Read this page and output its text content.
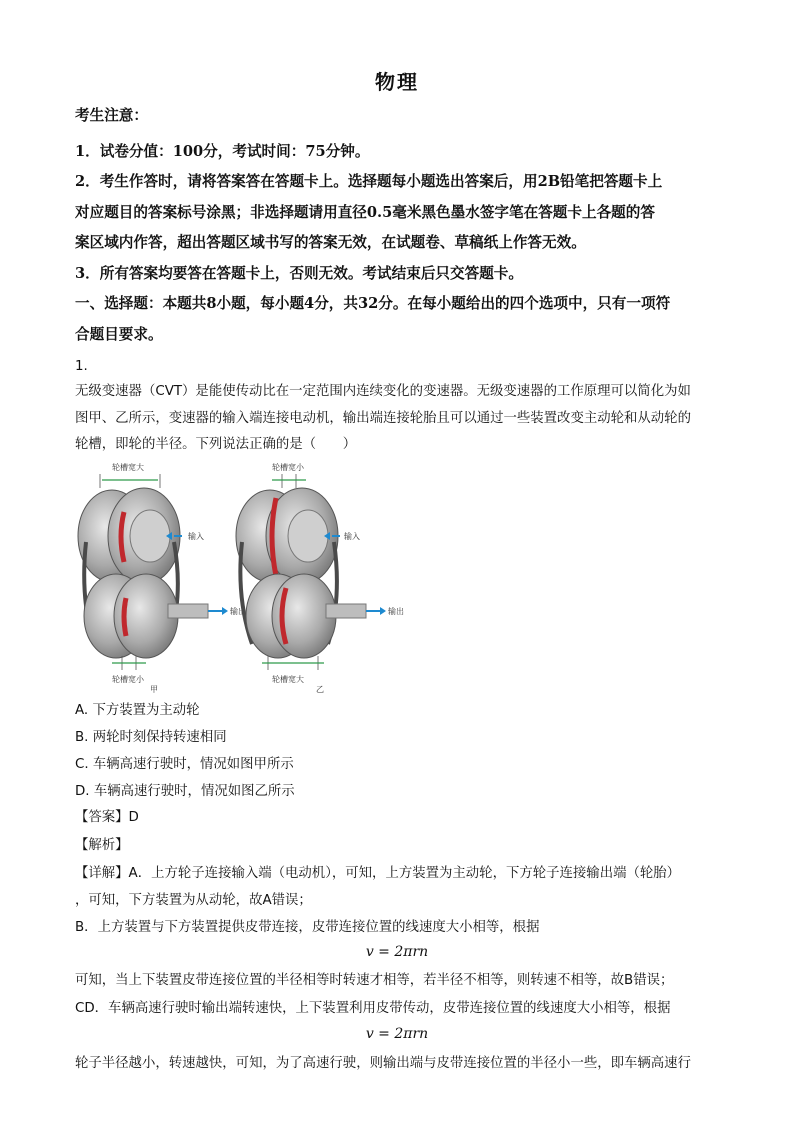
物理
考生注意：
1．试卷分值：100分，考试时间：75分钟。
2．考生作答时，请将答案答在答题卡上。选择题每小题选出答案后，用2B铅笔把答题卡上
对应题目的答案标号涂黑；非选择题请用直径0.5毫米黑色墨水签字笔在答题卡上各题的答
案区域内作答，超出答题区域书写的答案无效，在试题卷、草稿纸上作答无效。
3．所有答案均要答在答题卡上，否则无效。考试结束后只交答题卡。
一、选择题：本题共8小题，每小题4分，共32分。在每小题给出的四个选项中，只有一项符
合题目要求。
1.
无级变速器（CVT）是能使传动比在一定范围内连续变化的变速器。无级变速器的工作原理可以简化为如
图甲、乙所示，变速器的输入端连接电动机，输出端连接轮胎且可以通过一些装置改变主动轮和从动轮的
轮槽，即轮的半径。下列说法正确的是（　　）
轮槽宽大
输入
输出
轮槽宽小
甲
轮槽宽小
输入
输出
轮槽宽大
乙
A. 下方装置为主动轮
B. 两轮时刻保持转速相同
C. 车辆高速行驶时，情况如图甲所示
D. 车辆高速行驶时，情况如图乙所示
【答案】D
【解析】
【详解】A．上方轮子连接输入端（电动机），可知，上方装置为主动轮，下方轮子连接输出端（轮胎）
，可知，下方装置为从动轮，故A错误；
B．上方装置与下方装置提供皮带连接，皮带连接位置的线速度大小相等，根据
v = 2πrn
可知，当上下装置皮带连接位置的半径相等时转速才相等，若半径不相等，则转速不相等，故B错误；
CD．车辆高速行驶时输出端转速快，上下装置利用皮带传动，皮带连接位置的线速度大小相等，根据
v = 2πrn
轮子半径越小，转速越快，可知，为了高速行驶，则输出端与皮带连接位置的半径小一些，即车辆高速行
